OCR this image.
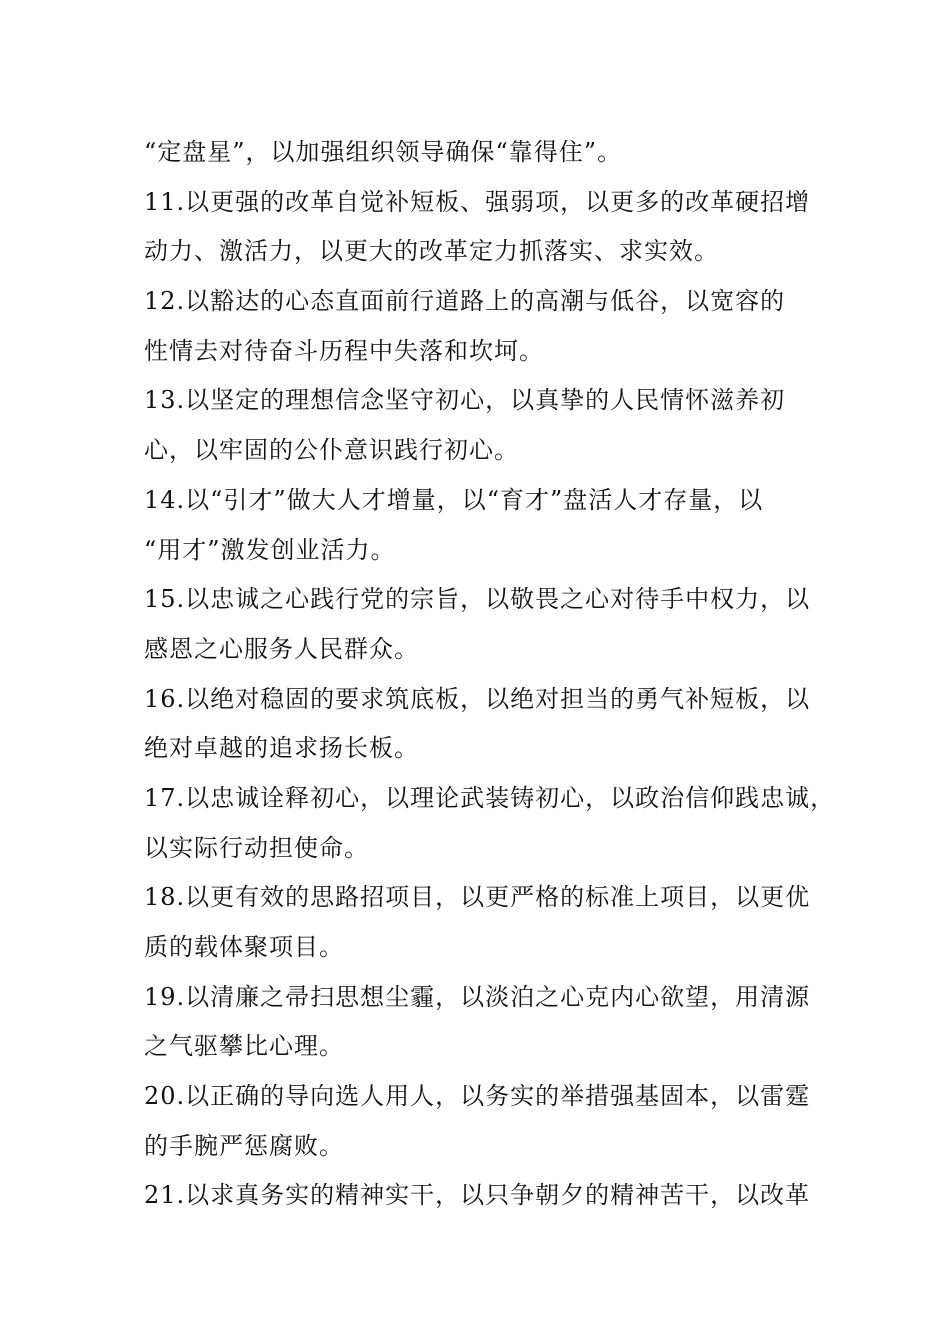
“定盘星”，以加强组织领导确保“靠得住”。
11.以更强的改革自觉补短板、强弱项，以更多的改革硬招增
动力、激活力，以更大的改革定力抓落实、求实效。
12.以豁达的心态直面前行道路上的高潮与低谷，以宽容的
性情去对待奋斗历程中失落和坎坷。
13.以坚定的理想信念坚守初心，以真挚的人民情怀滋养初
心，以牢固的公仆意识践行初心。
14.以“引才”做大人才增量，以“育才”盘活人才存量，以
“用才”激发创业活力。
15.以忠诚之心践行党的宗旨，以敬畏之心对待手中权力，以
感恩之心服务人民群众。
16.以绝对稳固的要求筑底板，以绝对担当的勇气补短板，以
绝对卓越的追求扬长板。
17.以忠诚诠释初心，以理论武装铸初心，以政治信仰践忠诚，
以实际行动担使命。
18.以更有效的思路招项目，以更严格的标准上项目，以更优
质的载体聚项目。
19.以清廉之帚扫思想尘霾，以淡泊之心克内心欲望，用清源
之气驱攀比心理。
20.以正确的导向选人用人，以务实的举措强基固本，以雷霆
的手腕严惩腐败。
21.以求真务实的精神实干，以只争朝夕的精神苦干，以改革
